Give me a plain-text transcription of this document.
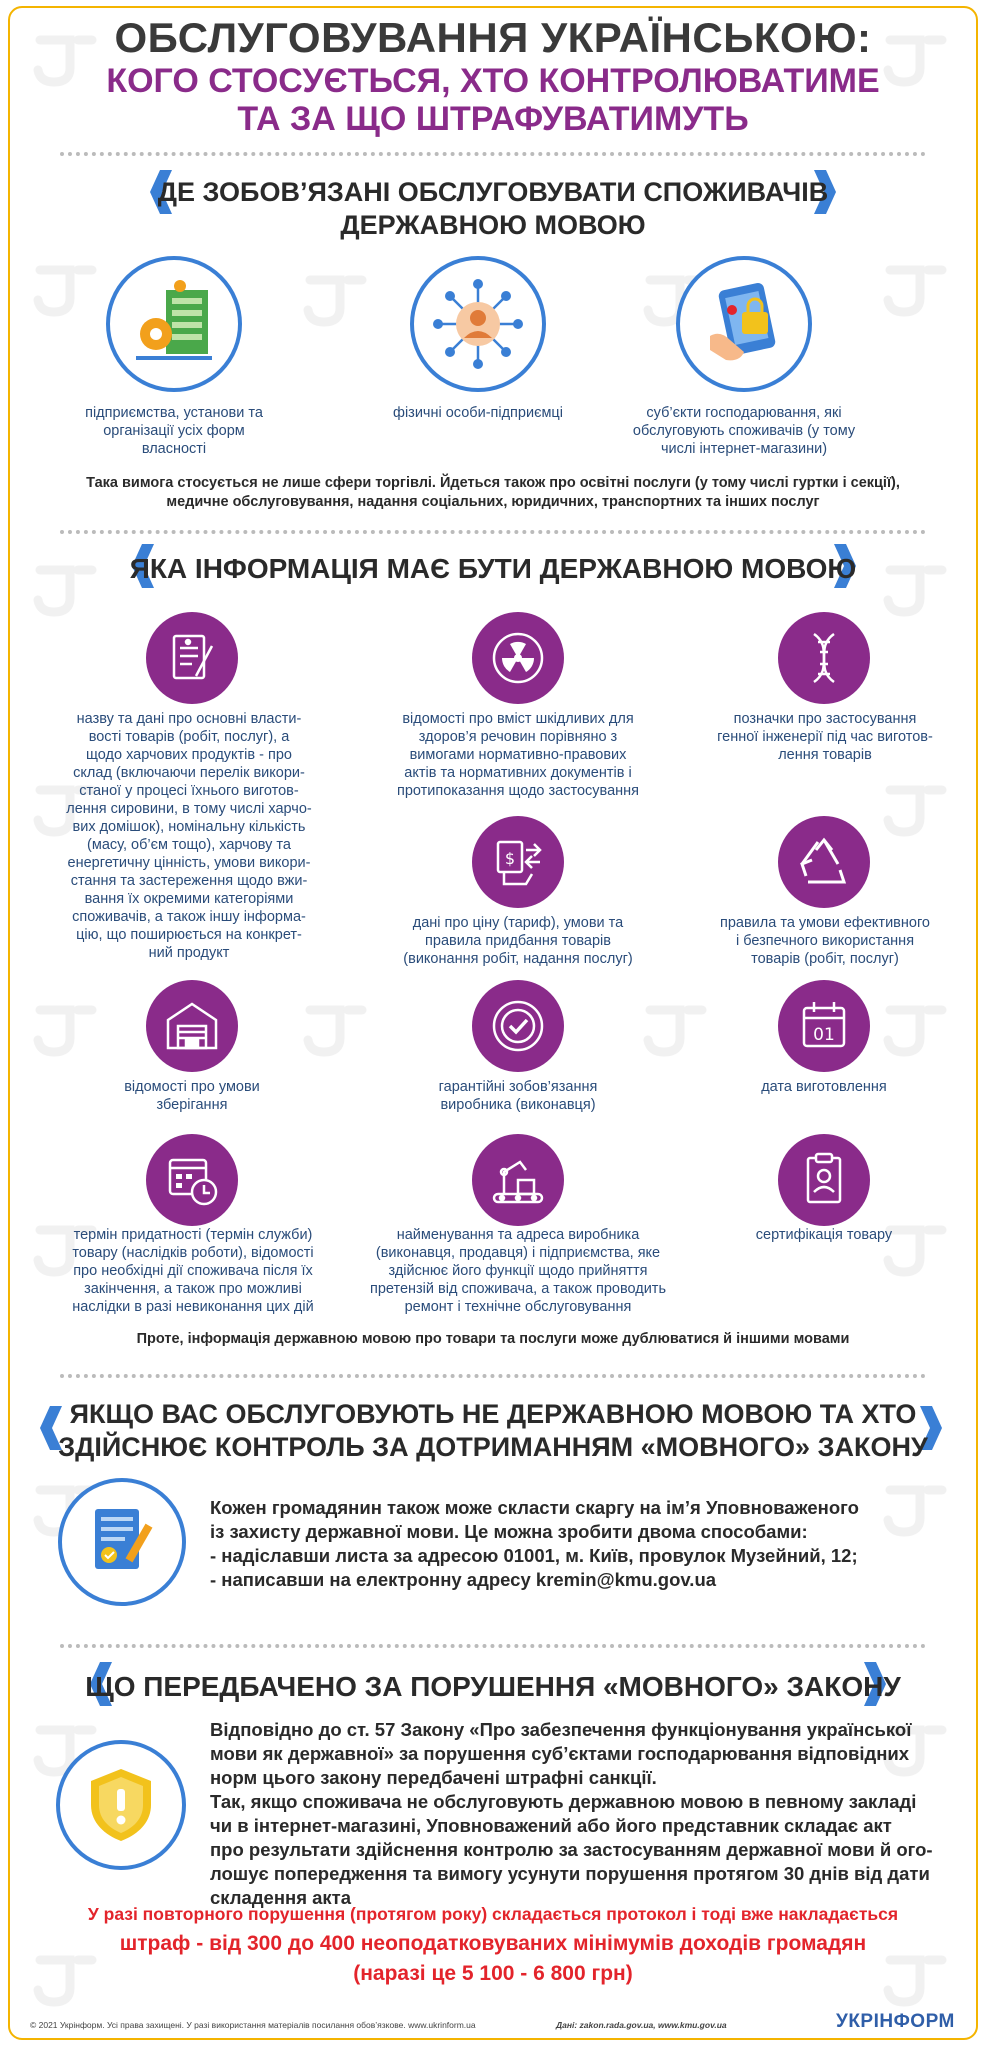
ОБСЛУГОВУВАННЯ УКРАЇНСЬКОЮ:
КОГО СТОСУЄТЬСЯ, ХТО КОНТРОЛЮВАТИМЕ
ТА ЗА ЩО ШТРАФУВАТИМУТЬ
ДЕ ЗОБОВ’ЯЗАНІ ОБСЛУГОВУВАТИ СПОЖИВАЧІВ
ДЕРЖАВНОЮ МОВОЮ
підприємства, установи та
організації усіх форм
власності
фізичні особи-підприємці	суб’єкти господарювання, які
обслуговують споживачів (у тому
числі інтернет-магазини)
Така вимога стосується не лише сфери торгівлі. Йдеться також про освітні послуги (у тому числі гуртки і секції),
медичне обслуговування, надання соціальних, юридичних, транспортних та інших послуг
ЯКА ІНФОРМАЦІЯ МАЄ БУТИ ДЕРЖАВНОЮ МОВОЮ
назву та дані про основні власти-
вості товарів (робіт, послуг), а
щодо харчових продуктів - про
склад (включаючи перелік викори-
станої у процесі їхнього виготов-
лення сировини, в тому числі харчо-
вих домішок), номінальну кількість
(масу, об’єм тощо), харчову та
енергетичну цінність, умови викори-
стання та застереження щодо вжи-
вання їх окремими категоріями
споживачів, а також іншу інформа-
цію, що поширюється на конкрет-
ний продукт
відомості про вміст шкідливих для
здоров’я речовин порівняно з
вимогами нормативно-правових
актів та нормативних документів і
протипоказання щодо застосування
позначки про застосування
генної інженерії під час виготов-
лення товарів
$
дані про ціну (тариф), умови та
правила придбання товарів
(виконання робіт, надання послуг)
правила та умови ефективного
і безпечного використання
товарів (робіт, послуг)
01
відомості про умови
зберігання
гарантійні зобов’язання
виробника (виконавця)
дата виготовлення
термін придатності (термін служби)
товару (наслідків роботи), відомості
про необхідні дії споживача після їх
закінчення, а також про можливі
наслідки в разі невиконання цих дій
найменування та адреса виробника
(виконавця, продавця) і підприємства, яке
здійснює його функції щодо прийняття
претензій від споживача, а також проводить
ремонт і технічне обслуговування
сертифікація товару
Проте, інформація державною мовою про товари та послуги може дублюватися й іншими мовами
ЯКЩО ВАС ОБСЛУГОВУЮТЬ НЕ ДЕРЖАВНОЮ МОВОЮ ТА ХТО
ЗДІЙСНЮЄ КОНТРОЛЬ ЗА ДОТРИМАННЯМ «МОВНОГО» ЗАКОНУ
Кожен громадянин також може скласти скаргу на ім’я Уповноваженого
із захисту державної мови. Це можна зробити двома способами:
- надіславши листа за адресою 01001, м. Київ, провулок Музейний, 12;
- написавши на електронну адресу kremin@kmu.gov.ua
ЩО ПЕРЕДБАЧЕНО ЗА ПОРУШЕННЯ «МОВНОГО» ЗАКОНУ
Відповідно до ст. 57 Закону «Про забезпечення функціонування української
мови як державної» за порушення суб’єктами господарювання відповідних
норм цього закону передбачені штрафні санкції.
Так, якщо споживача не обслуговують державною мовою в певному закладі
чи в інтернет-магазині, Уповноважений або його представник складає акт
про результати здійснення контролю за застосуванням державної мови й ого-
лошує попередження та вимогу усунути порушення протягом 30 днів від дати
складення акта
У разі повторного порушення (протягом року) складається протокол і тоді вже накладається
штраф - від 300 до 400 неоподатковуваних мінімумів доходів громадян
(наразі це 5 100 - 6 800 грн)
© 2021 Укрінформ. Усі права захищені. У разі використання матеріалів посилання обов’язкове. www.ukrinform.ua	Дані: zakon.rada.gov.ua, www.kmu.gov.ua	УКРІНФОРМ
